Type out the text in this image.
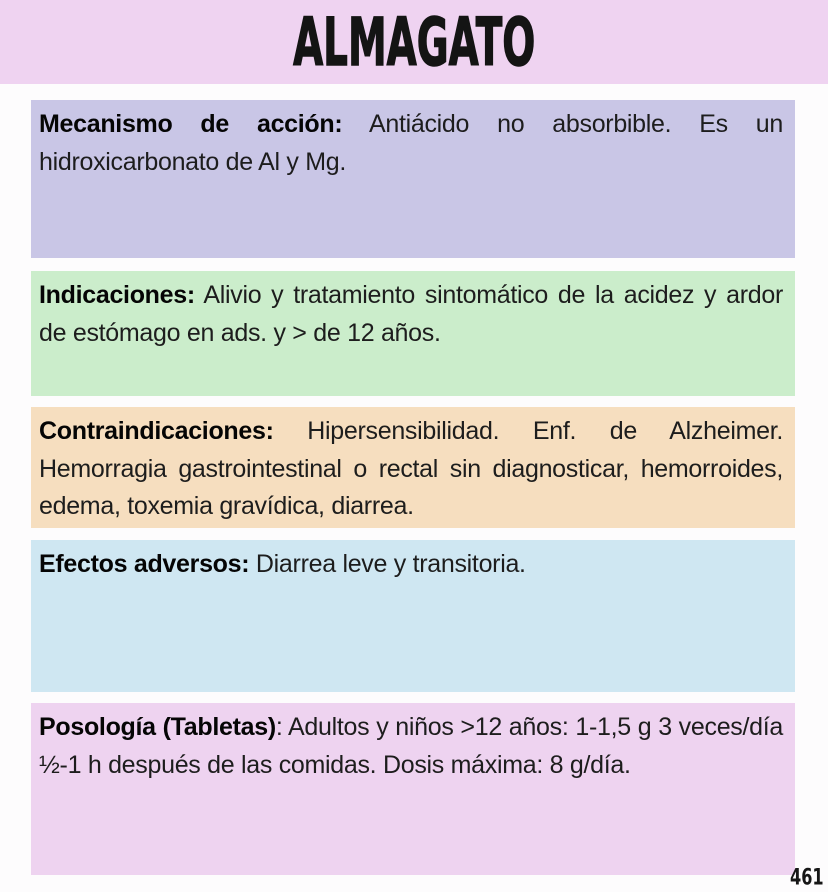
ALMAGATO

Mecanismo de acción: Antiácido no absorbible. Es un hidroxicarbonato de Al y Mg.

Indicaciones: Alivio y tratamiento sintomático de la acidez y ardor de estómago en ads. y > de 12 años.

Contraindicaciones: Hipersensibilidad. Enf. de Alzheimer. Hemorragia gastrointestinal o rectal sin diagnosticar, hemorroides, edema, toxemia gravídica, diarrea.

Efectos adversos: Diarrea leve y transitoria.

Posología (Tabletas): Adultos y niños >12 años: 1-1,5 g 3 veces/día ½-1 h después de las comidas. Dosis máxima: 8 g/día.

461
